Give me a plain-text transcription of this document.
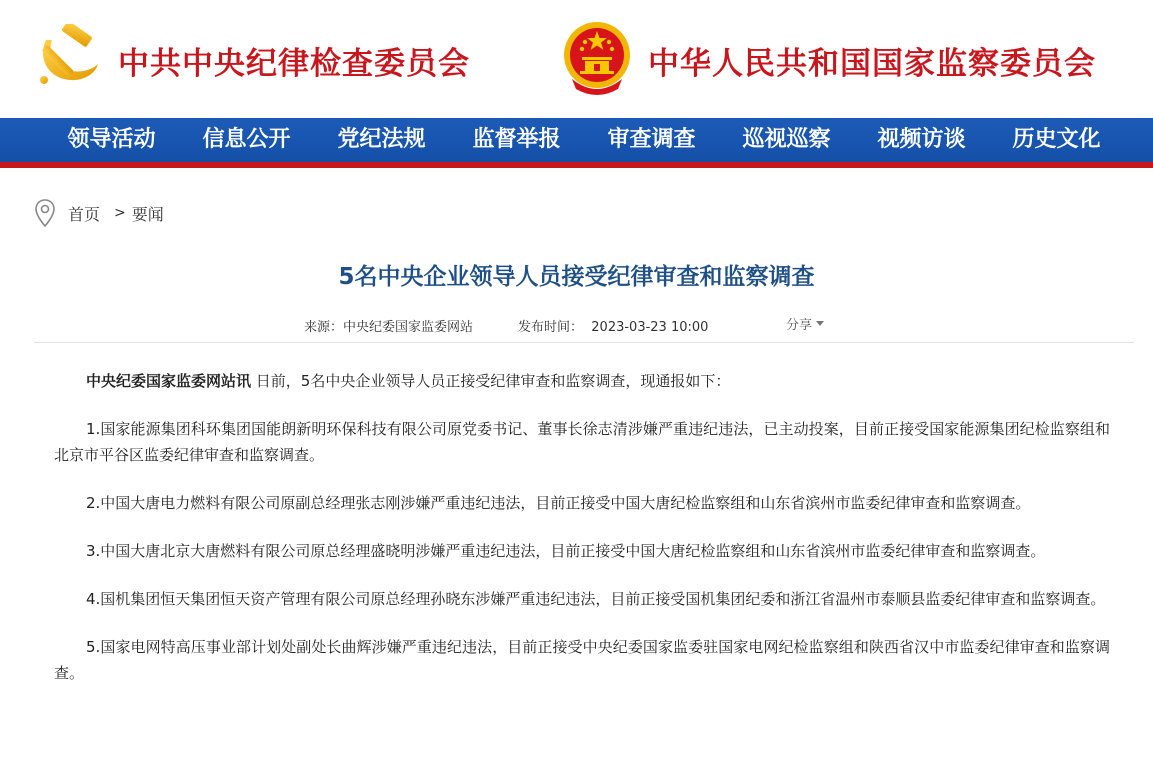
中共中央纪律检查委员会	中华人民共和国国家监察委员会
领导活动	信息公开	党纪法规	监督举报	审查调查	巡视巡察	视频访谈	历史文化
首页 > 要闻
5名中央企业领导人员接受纪律审查和监察调查
来源：中央纪委国家监委网站	发布时间： 2023-03-23 10:00	分享

中央纪委国家监委网站讯 日前，5名中央企业领导人员正接受纪律审查和监察调查，现通报如下：

1.国家能源集团科环集团国能朗新明环保科技有限公司原党委书记、董事长徐志清涉嫌严重违纪违法，已主动投案，目前正接受国家能源集团纪检监察组和北京市平谷区监委纪律审查和监察调查。

2.中国大唐电力燃料有限公司原副总经理张志刚涉嫌严重违纪违法，目前正接受中国大唐纪检监察组和山东省滨州市监委纪律审查和监察调查。

3.中国大唐北京大唐燃料有限公司原总经理盛晓明涉嫌严重违纪违法，目前正接受中国大唐纪检监察组和山东省滨州市监委纪律审查和监察调查。

4.国机集团恒天集团恒天资产管理有限公司原总经理孙晓东涉嫌严重违纪违法，目前正接受国机集团纪委和浙江省温州市泰顺县监委纪律审查和监察调查。

5.国家电网特高压事业部计划处副处长曲辉涉嫌严重违纪违法，目前正接受中央纪委国家监委驻国家电网纪检监察组和陕西省汉中市监委纪律审查和监察调查。
